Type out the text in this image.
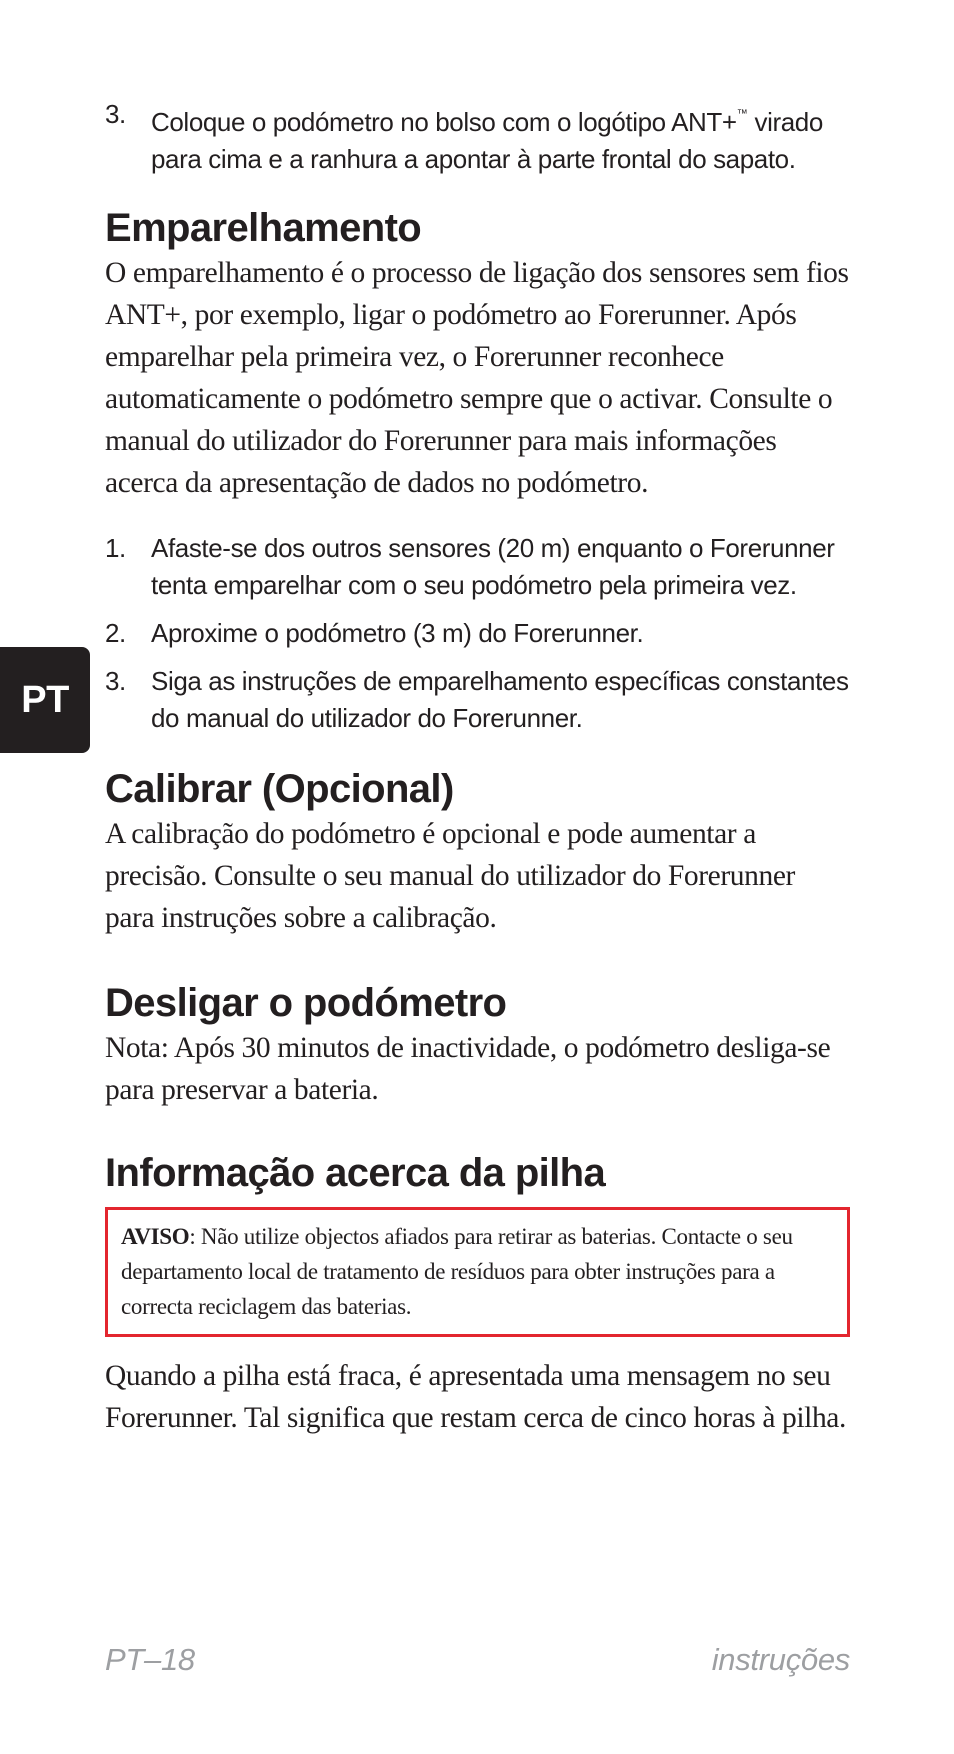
PT
3. Coloque o podómetro no bolso com o logótipo ANT+™ virado para cima e a ranhura a apontar à parte frontal do sapato.
Emparelhamento

O emparelhamento é o processo de ligação dos sensores sem fios ANT+, por exemplo, ligar o podómetro ao Forerunner. Após emparelhar pela primeira vez, o Forerunner reconhece automaticamente o podómetro sempre que o activar. Consulte o manual do utilizador do Forerunner para mais informações acerca da apresentação de dados no podómetro.

1. Afaste-se dos outros sensores (20 m) enquanto o Forerunner tenta emparelhar com o seu podómetro pela primeira vez.
2. Aproxime o podómetro (3 m) do Forerunner.
3. Siga as instruções de emparelhamento específicas constantes do manual do utilizador do Forerunner.
Calibrar (Opcional)

A calibração do podómetro é opcional e pode aumentar a precisão. Consulte o seu manual do utilizador do Forerunner para instruções sobre a calibração.

Desligar o podómetro

Nota: Após 30 minutos de inactividade, o podómetro desliga-se para preservar a bateria.

Informação acerca da pilha
AVISO: Não utilize objectos afiados para retirar as baterias. Contacte o seu departamento local de tratamento de resíduos para obter instruções para a correcta reciclagem das baterias.

Quando a pilha está fraca, é apresentada uma mensagem no seu Forerunner. Tal significa que restam cerca de cinco horas à pilha.

PT–18	instruções
